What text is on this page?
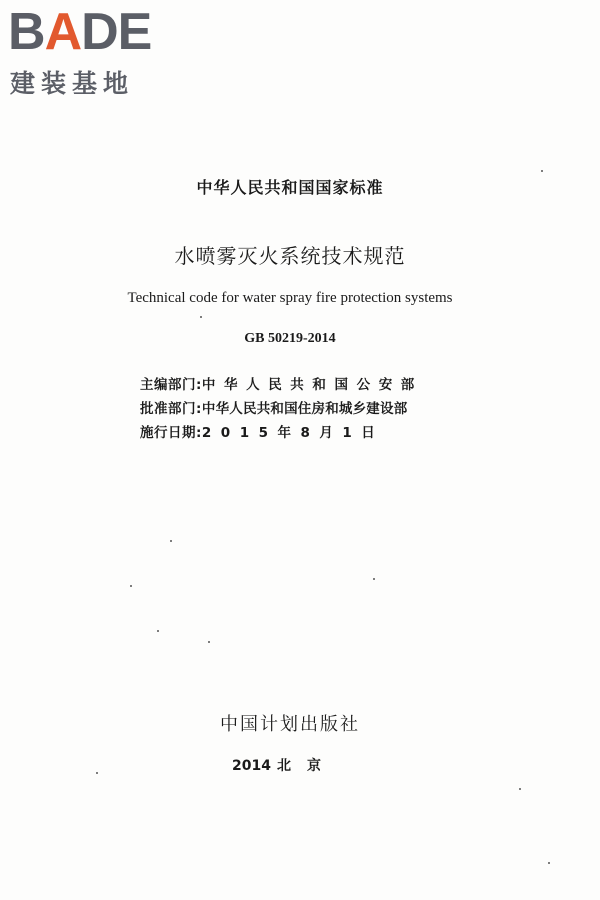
BADE
建装基地
中华人民共和国国家标准
水喷雾灭火系统技术规范
Technical code for water spray fire protection systems
GB 50219-2014
主编部门:中华人民共和国公安部
批准部门:中华人民共和国住房和城乡建设部
施行日期:2015年8月1日
中国计划出版社
2014 北京
